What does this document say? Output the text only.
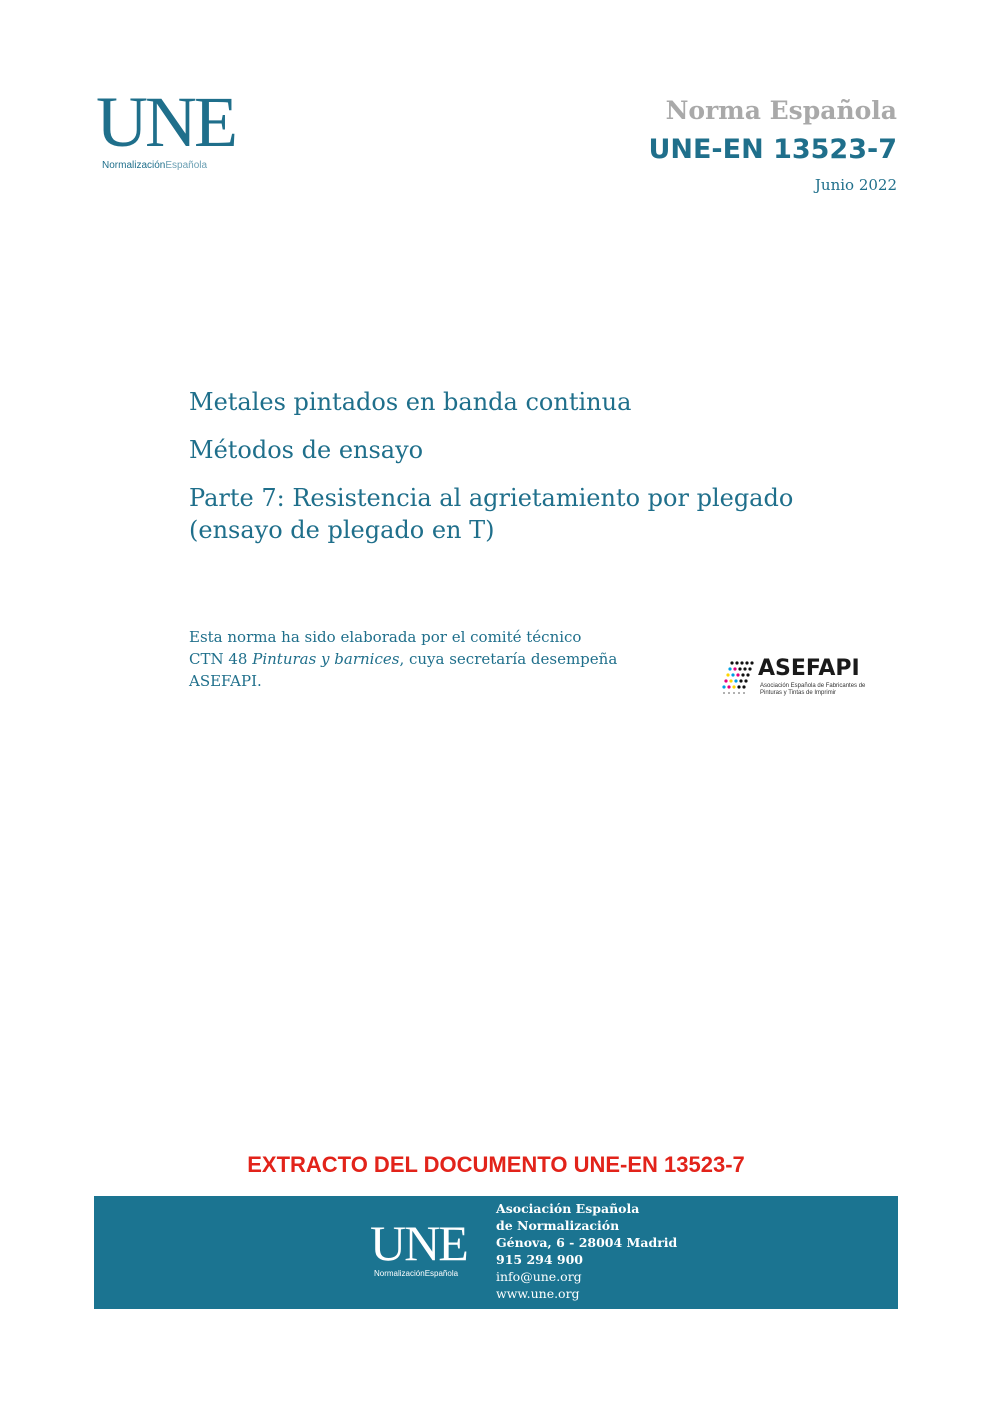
UNE
NormalizaciónEspañola
Norma Española
UNE-EN 13523-7
Junio 2022
Metales pintados en banda continua
Métodos de ensayo
Parte 7: Resistencia al agrietamiento por plegado
(ensayo de plegado en T)
Esta norma ha sido elaborada por el comité técnico
CTN 48 Pinturas y barnices, cuya secretaría desempeña
ASEFAPI.	ASEFAPI
Asociación Española de Fabricantes de Pinturas y Tintas de Imprimir
EXTRACTO DEL DOCUMENTO UNE-EN 13523-7
UNE
NormalizaciónEspañola
Asociación Española
de Normalización
Génova, 6 - 28004 Madrid
915 294 900
info@une.org
www.une.org
